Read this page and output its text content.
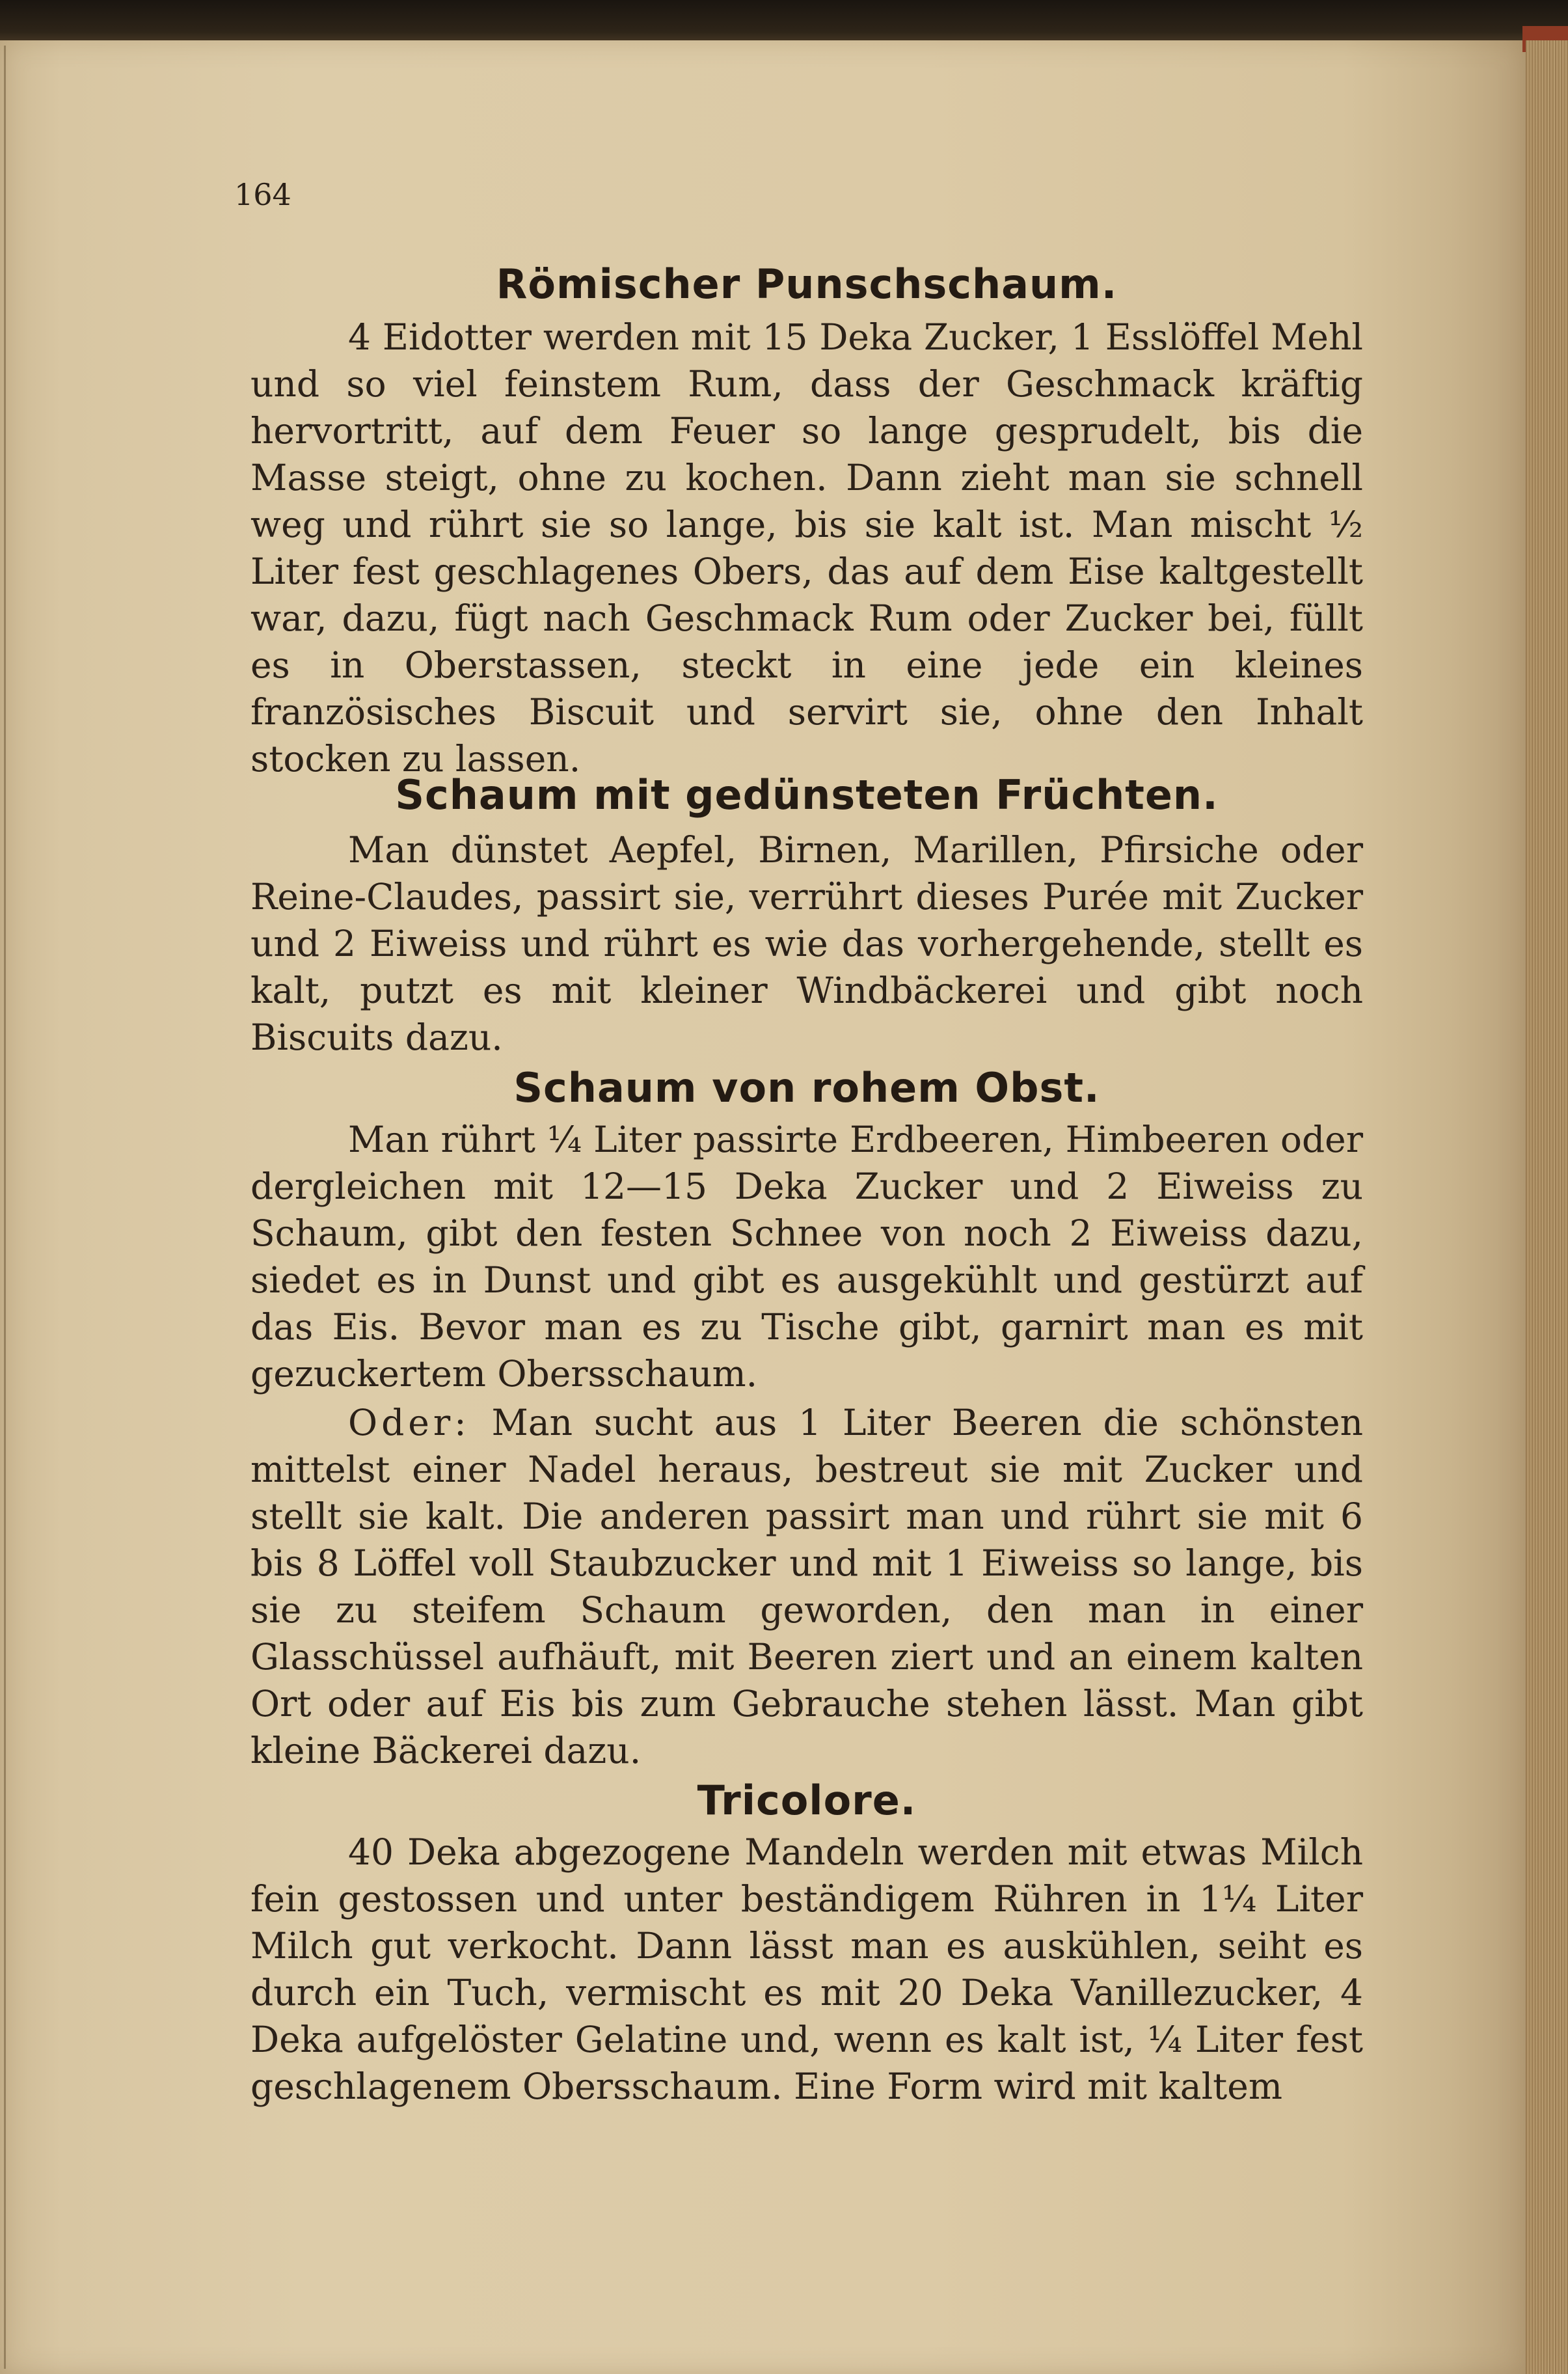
164
Römischer Punschschaum.

4 Eidotter werden mit 15 Deka Zucker, 1 Esslöffel Mehl und so viel feinstem Rum, dass der Geschmack kräftig hervortritt, auf dem Feuer so lange gesprudelt, bis die Masse steigt, ohne zu kochen. Dann zieht man sie schnell weg und rührt sie so lange, bis sie kalt ist. Man mischt ½ Liter fest geschlagenes Obers, das auf dem Eise kaltgestellt war, dazu, fügt nach Geschmack Rum oder Zucker bei, füllt es in Oberstassen, steckt in eine jede ein kleines französisches Biscuit und servirt sie, ohne den Inhalt stocken zu lassen.

Schaum mit gedünsteten Früchten.

Man dünstet Aepfel, Birnen, Marillen, Pfirsiche oder Reine-Claudes, passirt sie, verrührt dieses Purée mit Zucker und 2 Eiweiss und rührt es wie das vorhergehende, stellt es kalt, putzt es mit kleiner Windbäckerei und gibt noch Biscuits dazu.

Schaum von rohem Obst.

Man rührt ¼ Liter passirte Erdbeeren, Himbeeren oder dergleichen mit 12—15 Deka Zucker und 2 Eiweiss zu Schaum, gibt den festen Schnee von noch 2 Eiweiss dazu, siedet es in Dunst und gibt es ausgekühlt und gestürzt auf das Eis. Bevor man es zu Tische gibt, garnirt man es mit gezuckertem Obersschaum.

Oder: Man sucht aus 1 Liter Beeren die schönsten mittelst einer Nadel heraus, bestreut sie mit Zucker und stellt sie kalt. Die anderen passirt man und rührt sie mit 6 bis 8 Löffel voll Staubzucker und mit 1 Eiweiss so lange, bis sie zu steifem Schaum geworden, den man in einer Glasschüssel aufhäuft, mit Beeren ziert und an einem kalten Ort oder auf Eis bis zum Gebrauche stehen lässt. Man gibt kleine Bäckerei dazu.

Tricolore.

40 Deka abgezogene Mandeln werden mit etwas Milch fein gestossen und unter beständigem Rühren in 1¼ Liter Milch gut verkocht. Dann lässt man es auskühlen, seiht es durch ein Tuch, vermischt es mit 20 Deka Vanillezucker, 4 Deka aufgelöster Gelatine und, wenn es kalt ist, ¼ Liter fest geschlagenem Obersschaum. Eine Form wird mit kaltem
